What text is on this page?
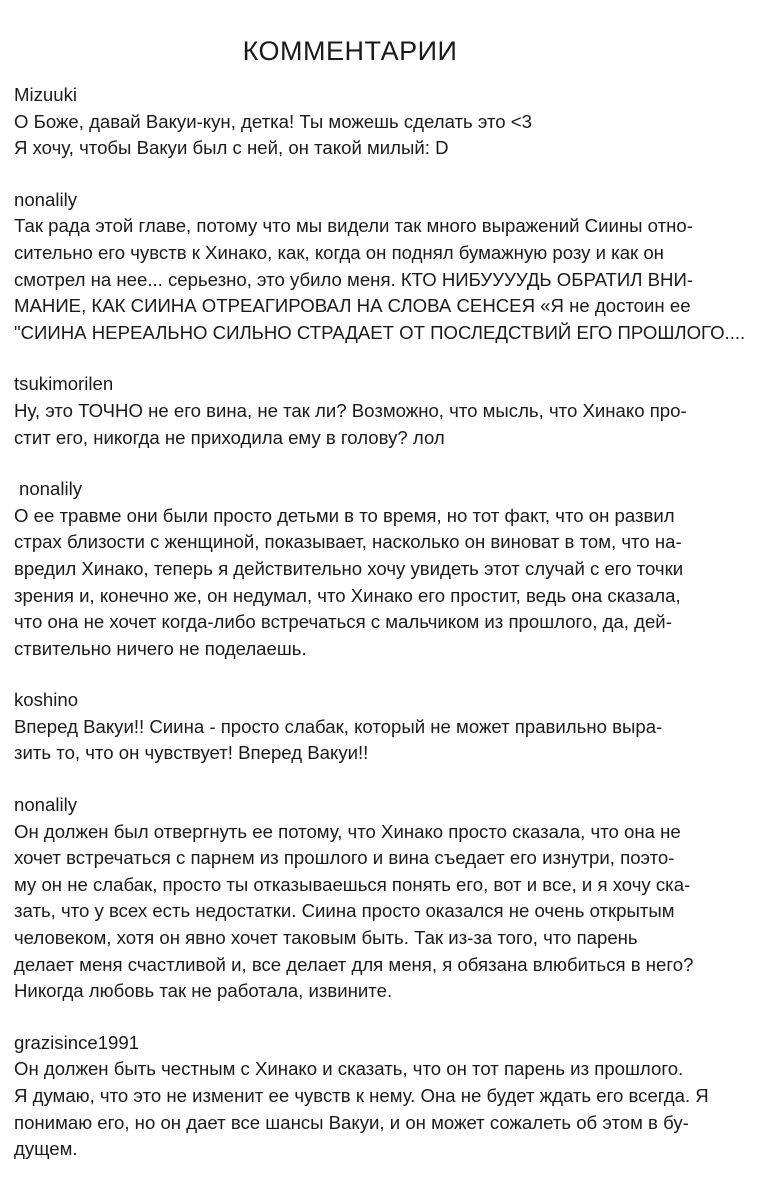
КОММЕНТАРИИ
Mizuuki
О Боже, давай Вакуи-кун, детка! Ты можешь сделать это <3
Я хочу, чтобы Вакуи был с ней, он такой милый: D
nonalily
Так рада этой главе, потому что мы видели так много выражений Сиины отно-
сительно его чувств к Хинако, как, когда он поднял бумажную розу и как он
смотрел на нее... серьезно, это убило меня. КТО НИБУУУУДЬ ОБРАТИЛ ВНИ-
МАНИЕ, КАК СИИНА ОТРЕАГИРОВАЛ НА СЛОВА СЕНСЕЯ «Я не достоин ее
"СИИНА НЕРЕАЛЬНО СИЛЬНО СТРАДАЕТ ОТ ПОСЛЕДСТВИЙ ЕГО ПРОШЛОГО....
tsukimorilen
Ну, это ТОЧНО не его вина, не так ли? Возможно, что мысль, что Хинако про-
стит его, никогда не приходила ему в голову? лол
nonalily
О ее травме они были просто детьми в то время, но тот факт, что он развил
страх близости с женщиной, показывает, насколько он виноват в том, что на-
вредил Хинако, теперь я действительно хочу увидеть этот случай с его точки
зрения и, конечно же, он недумал, что Хинако его простит, ведь она сказала,
что она не хочет когда-либо встречаться с мальчиком из прошлого, да, дей-
ствительно ничего не поделаешь.
koshino
Вперед Вакуи!! Сиина - просто слабак, который не может правильно выра-
зить то, что он чувствует! Вперед Вакуи!!
nonalily
Он должен был отвергнуть ее потому, что Хинако просто сказала, что она не
хочет встречаться с парнем из прошлого и вина съедает его изнутри, поэто-
му он не слабак, просто ты отказываешься понять его, вот и все, и я хочу ска-
зать, что у всех есть недостатки. Сиина просто оказался не очень открытым
человеком, хотя он явно хочет таковым быть. Так из-за того, что парень
делает меня счастливой и, все делает для меня, я обязана влюбиться в него?
Никогда любовь так не работала, извините.
grazisince1991
Он должен быть честным с Хинако и сказать, что он тот парень из прошлого.
Я думаю, что это не изменит ее чувств к нему. Она не будет ждать его всегда. Я
понимаю его, но он дает все шансы Вакуи, и он может сожалеть об этом в бу-
дущем.
